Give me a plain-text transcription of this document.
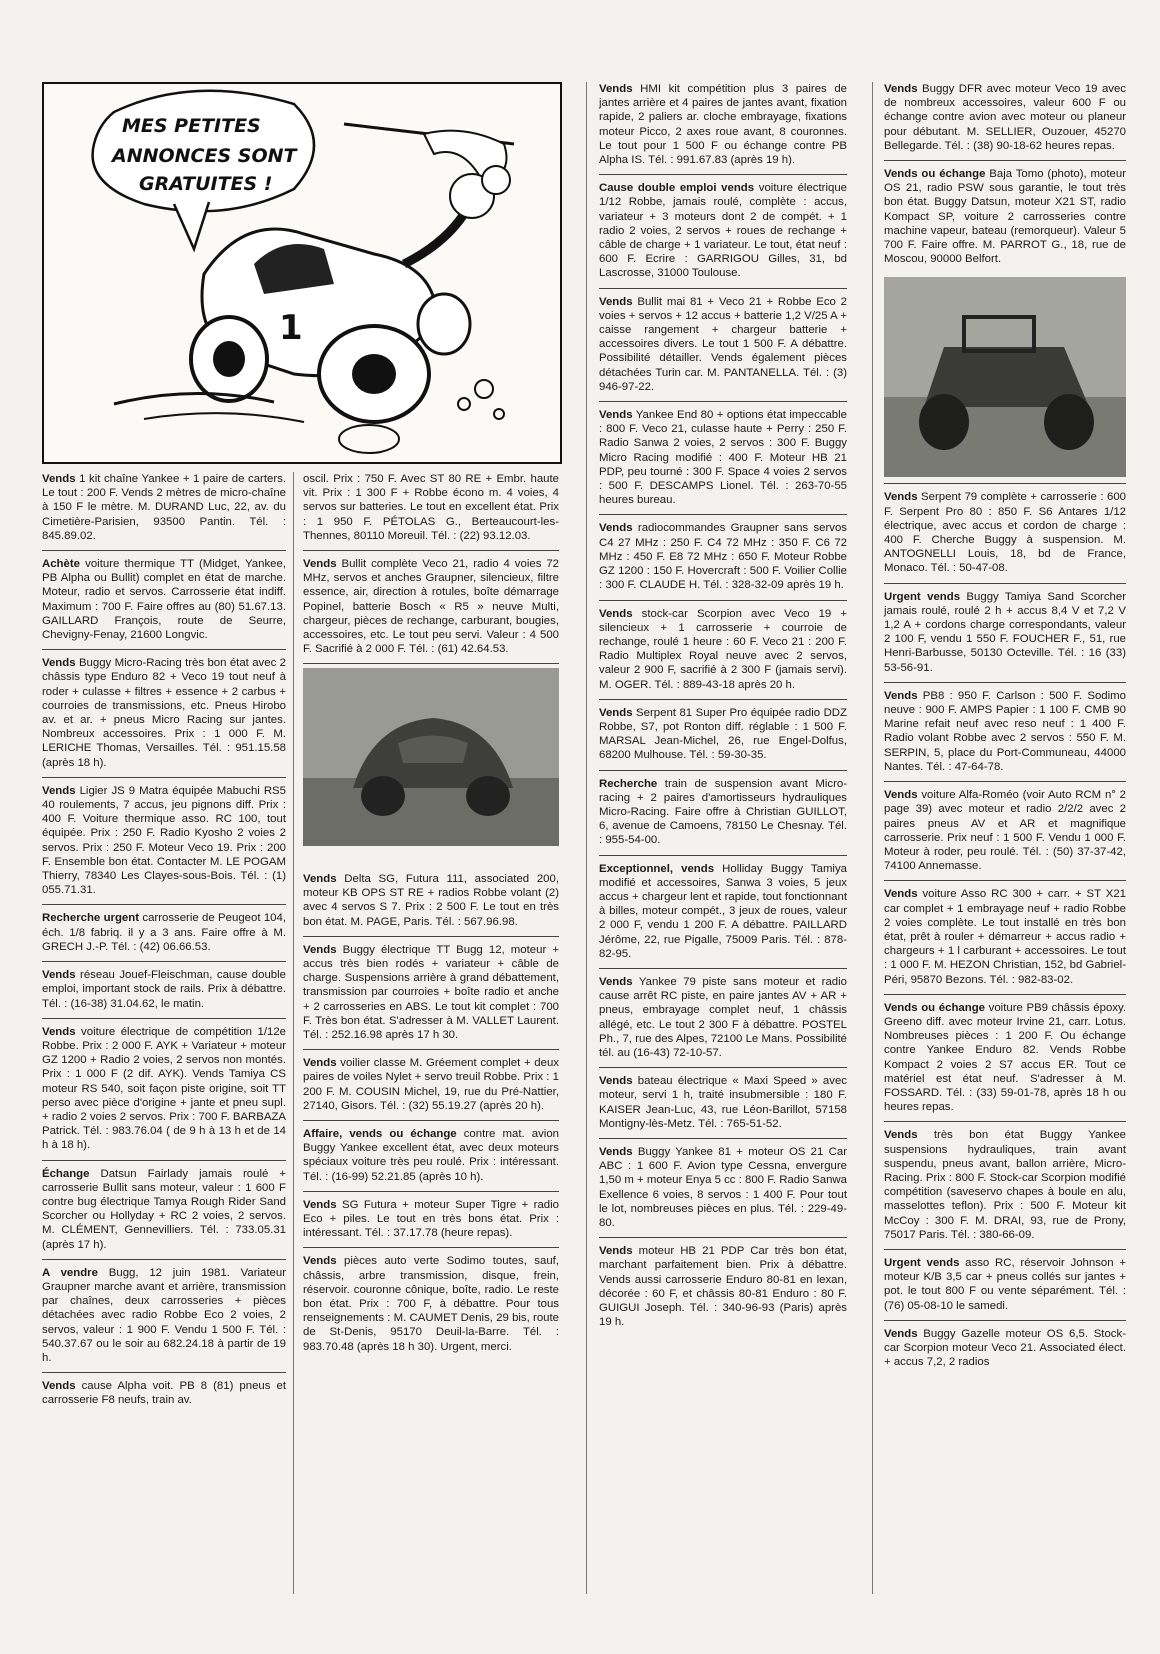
MES PETITES
ANNONCES SONT
GRATUITES !
1

Vends 1 kit chaîne Yankee + 1 paire de carters. Le tout : 200 F. Vends 2 mètres de micro-chaîne à 150 F le mètre. M. DURAND Luc, 22, av. du Cimetière-Parisien, 93500 Pantin. Tél. : 845.89.02.

Achète voiture thermique TT (Midget, Yankee, PB Alpha ou Bullit) complet en état de marche. Moteur, radio et servos. Carrosserie état indiff. Maximum : 700 F. Faire offres au (80) 51.67.13. GAILLARD François, route de Seurre, Chevigny-Fenay, 21600 Longvic.

Vends Buggy Micro-Racing très bon état avec 2 châssis type Enduro 82 + Veco 19 tout neuf à roder + culasse + filtres + essence + 2 carbus + courroies de transmissions, etc. Pneus Hirobo av. et ar. + pneus Micro Racing sur jantes. Nombreux accessoires. Prix : 1 000 F. M. LERICHE Thomas, Versailles. Tél. : 951.15.58 (après 18 h).

Vends Ligier JS 9 Matra équipée Mabuchi RS5 40 roulements, 7 accus, jeu pignons diff. Prix : 400 F. Voiture thermique asso. RC 100, tout équipée. Prix : 250 F. Radio Kyosho 2 voies 2 servos. Prix : 250 F. Moteur Veco 19. Prix : 200 F. Ensemble bon état. Contacter M. LE POGAM Thierry, 78340 Les Clayes-sous-Bois. Tél. : (1) 055.71.31.

Recherche urgent carrosserie de Peugeot 104, éch. 1/8 fabriq. il y a 3 ans. Faire offre à M. GRECH J.-P. Tél. : (42) 06.66.53.

Vends réseau Jouef-Fleischman, cause double emploi, important stock de rails. Prix à débattre. Tél. : (16-38) 31.04.62, le matin.

Vends voiture électrique de compétition 1/12e Robbe. Prix : 2 000 F. AYK + Variateur + moteur GZ 1200 + Radio 2 voies, 2 servos non montés. Prix : 1 000 F (2 dif. AYK). Vends Tamiya CS moteur RS 540, soit façon piste origine, soit TT perso avec pièce d'origine + jante et pneu supl. + radio 2 voies 2 servos. Prix : 700 F. BARBAZA Patrick. Tél. : 983.76.04 ( de 9 h à 13 h et de 14 h à 18 h).

Échange Datsun Fairlady jamais roulé + carrosserie Bullit sans moteur, valeur : 1 600 F contre bug électrique Tamya Rough Rider Sand Scorcher ou Hollyday + RC 2 voies, 2 servos. M. CLÉMENT, Gennevilliers. Tél. : 733.05.31 (après 17 h).

A vendre Bugg, 12 juin 1981. Variateur Graupner marche avant et arrière, transmission par chaînes, deux carrosseries + pièces détachées avec radio Robbe Eco 2 voies, 2 servos, valeur : 1 900 F. Vendu 1 500 F. Tél. : 540.37.67 ou le soir au 682.24.18 à partir de 19 h.

Vends cause Alpha voit. PB 8 (81) pneus et carrosserie F8 neufs, train av.

oscil. Prix : 750 F. Avec ST 80 RE + Embr. haute vit. Prix : 1 300 F + Robbe écono m. 4 voies, 4 servos sur batteries. Le tout en excellent état. Prix : 1 950 F. PÉTOLAS G., Berteaucourt-les-Thennes, 80110 Moreuil. Tél. : (22) 93.12.03.

Vends Bullit complète Veco 21, radio 4 voies 72 MHz, servos et anches Graupner, silencieux, filtre essence, air, direction à rotules, boîte démarrage Popinel, batterie Bosch « R5 » neuve Multi, chargeur, pièces de rechange, carburant, bougies, accessoires, etc. Le tout peu servi. Valeur : 4 500 F. Sacrifié à 2 000 F. Tél. : (61) 42.64.53.

Vends Delta SG, Futura 111, associated 200, moteur KB OPS ST RE + radios Robbe volant (2) avec 4 servos S 7. Prix : 2 500 F. Le tout en très bon état. M. PAGE, Paris. Tél. : 567.96.98.

Vends Buggy électrique TT Bugg 12, moteur + accus très bien rodés + variateur + câble de charge. Suspensions arrière à grand débattement, transmission par courroies + boîte radio et anche + 2 carrosseries en ABS. Le tout kit complet : 700 F. Très bon état. S'adresser à M. VALLET Laurent. Tél. : 252.16.98 après 17 h 30.

Vends voilier classe M. Gréement complet + deux paires de voiles Nylet + servo treuil Robbe. Prix : 1 200 F. M. COUSIN Michel, 19, rue du Pré-Nattier, 27140, Gisors. Tél. : (32) 55.19.27 (après 20 h).

Affaire, vends ou échange contre mat. avion Buggy Yankee excellent état, avec deux moteurs spéciaux voiture très peu roulé. Prix : intéressant. Tél. : (16-99) 52.21.85 (après 10 h).

Vends SG Futura + moteur Super Tigre + radio Eco + piles. Le tout en très bons état. Prix : intéressant. Tél. : 37.17.78 (heure repas).

Vends pièces auto verte Sodimo toutes, sauf, châssis, arbre transmission, disque, frein, réservoir. couronne cônique, boîte, radio. Le reste bon état. Prix : 700 F, à débattre. Pour tous renseignements : M. CAUMET Denis, 29 bis, route de St-Denis, 95170 Deuil-la-Barre. Tél. : 983.70.48 (après 18 h 30). Urgent, merci.

Vends HMI kit compétition plus 3 paires de jantes arrière et 4 paires de jantes avant, fixation rapide, 2 paliers ar. cloche embrayage, fixations moteur Picco, 2 axes roue avant, 8 couronnes. Le tout pour 1 500 F ou échange contre PB Alpha IS. Tél. : 991.67.83 (après 19 h).

Cause double emploi vends voiture électrique 1/12 Robbe, jamais roulé, complète : accus, variateur + 3 moteurs dont 2 de compét. + 1 radio 2 voies, 2 servos + roues de rechange + câble de charge + 1 variateur. Le tout, état neuf : 600 F. Ecrire : GARRIGOU Gilles, 31, bd Lascrosse, 31000 Toulouse.

Vends Bullit mai 81 + Veco 21 + Robbe Eco 2 voies + servos + 12 accus + batterie 1,2 V/25 A + caisse rangement + chargeur batterie + accessoires divers. Le tout 1 500 F. A débattre. Possibilité détailler. Vends également pièces détachées Turin car. M. PANTANELLA. Tél. : (3) 946-97-22.

Vends Yankee End 80 + options état impeccable : 800 F. Veco 21, culasse haute + Perry : 250 F. Radio Sanwa 2 voies, 2 servos : 300 F. Buggy Micro Racing modifié : 400 F. Moteur HB 21 PDP, peu tourné : 300 F. Space 4 voies 2 servos : 500 F. DESCAMPS Lionel. Tél. : 263-70-55 heures bureau.

Vends radiocommandes Graupner sans servos C4 27 MHz : 250 F. C4 72 MHz : 350 F. C6 72 MHz : 450 F. E8 72 MHz : 650 F. Moteur Robbe GZ 1200 : 150 F. Hovercraft : 500 F. Voilier Collie : 300 F. CLAUDE H. Tél. : 328-32-09 après 19 h.

Vends stock-car Scorpion avec Veco 19 + silencieux + 1 carrosserie + courroie de rechange, roulé 1 heure : 60 F. Veco 21 : 200 F. Radio Multiplex Royal neuve avec 2 servos, valeur 2 900 F, sacrifié à 2 300 F (jamais servi). M. OGER. Tél. : 889-43-18 après 20 h.

Vends Serpent 81 Super Pro équipée radio DDZ Robbe, S7, pot Ronton diff. réglable : 1 500 F. MARSAL Jean-Michel, 26, rue Engel-Dolfus, 68200 Mulhouse. Tél. : 59-30-35.

Recherche train de suspension avant Micro-racing + 2 paires d'amortisseurs hydrauliques Micro-Racing. Faire offre à Christian GUILLOT, 6, avenue de Camoens, 78150 Le Chesnay. Tél. : 955-54-00.

Exceptionnel, vends Holliday Buggy Tamiya modifié et accessoires, Sanwa 3 voies, 5 jeux accus + chargeur lent et rapide, tout fonctionnant à billes, moteur compét., 3 jeux de roues, valeur 2 000 F, vendu 1 200 F. A débattre. PAILLARD Jérôme, 22, rue Pigalle, 75009 Paris. Tél. : 878-82-95.

Vends Yankee 79 piste sans moteur et radio cause arrêt RC piste, en paire jantes AV + AR + pneus, embrayage complet neuf, 1 châssis allégé, etc. Le tout 2 300 F à débattre. POSTEL Ph., 7, rue des Alpes, 72100 Le Mans. Possibilité tél. au (16-43) 72-10-57.

Vends bateau électrique « Maxi Speed » avec moteur, servi 1 h, traité insubmersible : 180 F. KAISER Jean-Luc, 43, rue Léon-Barillot, 57158 Montigny-lès-Metz. Tél. : 765-51-52.

Vends Buggy Yankee 81 + moteur OS 21 Car ABC : 1 600 F. Avion type Cessna, envergure 1,50 m + moteur Enya 5 cc : 800 F. Radio Sanwa Exellence 6 voies, 8 servos : 1 400 F. Pour tout le lot, nombreuses pièces en plus. Tél. : 229-49-80.

Vends moteur HB 21 PDP Car très bon état, marchant parfaitement bien. Prix à débattre. Vends aussi carrosserie Enduro 80-81 en lexan, décorée : 60 F, et châssis 80-81 Enduro : 80 F. GUIGUI Joseph. Tél. : 340-96-93 (Paris) après 19 h.

Vends Buggy DFR avec moteur Veco 19 avec de nombreux accessoires, valeur 600 F ou échange contre avion avec moteur ou planeur pour débutant. M. SELLIER, Ouzouer, 45270 Bellegarde. Tél. : (38) 90-18-62 heures repas.

Vends ou échange Baja Tomo (photo), moteur OS 21, radio PSW sous garantie, le tout très bon état. Buggy Datsun, moteur X21 ST, radio Kompact SP, voiture 2 carrosseries contre machine vapeur, bateau (remorqueur). Valeur 5 700 F. Faire offre. M. PARROT G., 18, rue de Moscou, 90000 Belfort.

Vends Serpent 79 complète + carrosserie : 600 F. Serpent Pro 80 : 850 F. S6 Antares 1/12 électrique, avec accus et cordon de charge : 400 F. Cherche Buggy à suspension. M. ANTOGNELLI Louis, 18, bd de France, Monaco. Tél. : 50-47-08.

Urgent vends Buggy Tamiya Sand Scorcher jamais roulé, roulé 2 h + accus 8,4 V et 7,2 V 1,2 A + cordons charge correspondants, valeur 2 100 F, vendu 1 550 F. FOUCHER F., 51, rue Henri-Barbusse, 50130 Octeville. Tél. : 16 (33) 53-56-91.

Vends PB8 : 950 F. Carlson : 500 F. Sodimo neuve : 900 F. AMPS Papier : 1 100 F. CMB 90 Marine refait neuf avec reso neuf : 1 400 F. Radio volant Robbe avec 2 servos : 550 F. M. SERPIN, 5, place du Port-Communeau, 44000 Nantes. Tél. : 47-64-78.

Vends voiture Alfa-Roméo (voir Auto RCM n° 2 page 39) avec moteur et radio 2/2/2 avec 2 paires pneus AV et AR et magnifique carrosserie. Prix neuf : 1 500 F. Vendu 1 000 F. Moteur à roder, peu roulé. Tél. : (50) 37-37-42, 74100 Annemasse.

Vends voiture Asso RC 300 + carr. + ST X21 car complet + 1 embrayage neuf + radio Robbe 2 voies complète. Le tout installé en très bon état, prêt à rouler + démarreur + accus radio + chargeurs + 1 l carburant + accessoires. Le tout : 1 000 F. M. HEZON Christian, 152, bd Gabriel-Péri, 95870 Bezons. Tél. : 982-83-02.

Vends ou échange voiture PB9 châssis époxy. Greeno diff. avec moteur Irvine 21, carr. Lotus. Nombreuses pièces : 1 200 F. Ou échange contre Yankee Enduro 82. Vends Robbe Kompact 2 voies 2 S7 accus ER. Tout ce matériel est état neuf. S'adresser à M. FOSSARD. Tél. : (33) 59-01-78, après 18 h ou heures repas.

Vends très bon état Buggy Yankee suspensions hydrauliques, train avant suspendu, pneus avant, ballon arrière, Micro-Racing. Prix : 800 F. Stock-car Scorpion modifié compétition (saveservo chapes à boule en alu, masselottes teflon). Prix : 500 F. Moteur kit McCoy : 300 F. M. DRAI, 93, rue de Prony, 75017 Paris. Tél. : 380-66-09.

Urgent vends asso RC, réservoir Johnson + moteur K/B 3,5 car + pneus collés sur jantes + pot. le tout 800 F ou vente séparément. Tél. : (76) 05-08-10 le samedi.

Vends Buggy Gazelle moteur OS 6,5. Stock-car Scorpion moteur Veco 21. Associated élect. + accus 7,2, 2 radios
